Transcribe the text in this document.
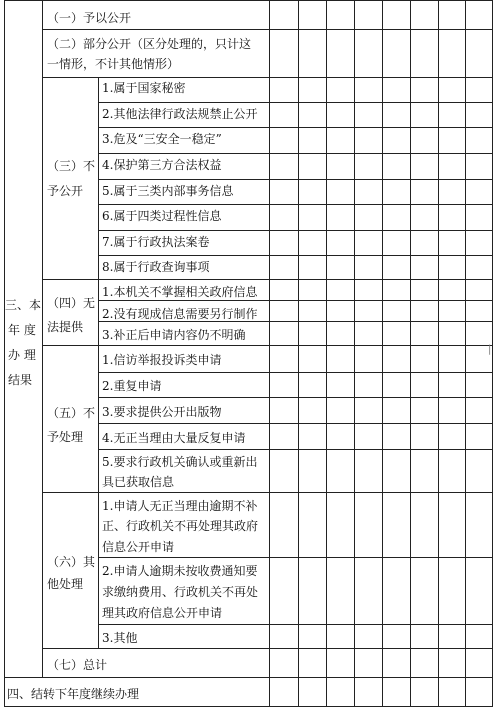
三、本
年 度
办 理
结果
（一）予以公开
（二）部分公开（区分处理的，只计这
一情形，不计其他情形）
（三）不
予公开
1.属于国家秘密
2.其他法律行政法规禁止公开
3.危及“三安全一稳定”
4.保护第三方合法权益
5.属于三类内部事务信息
6.属于四类过程性信息
7.属于行政执法案卷
8.属于行政查询事项
（四）无
法提供
1.本机关不掌握相关政府信息
2.没有现成信息需要另行制作
3.补正后申请内容仍不明确
（五）不
予处理
1.信访举报投诉类申请
2.重复申请
3.要求提供公开出版物
4.无正当理由大量反复申请
5.要求行政机关确认或重新出
具已获取信息
（六）其
他处理
1.申请人无正当理由逾期不补
正、行政机关不再处理其政府
信息公开申请
2.申请人逾期未按收费通知要
求缴纳费用、行政机关不再处
理其政府信息公开申请
3.其他
（七）总计
四、结转下年度继续办理
|
